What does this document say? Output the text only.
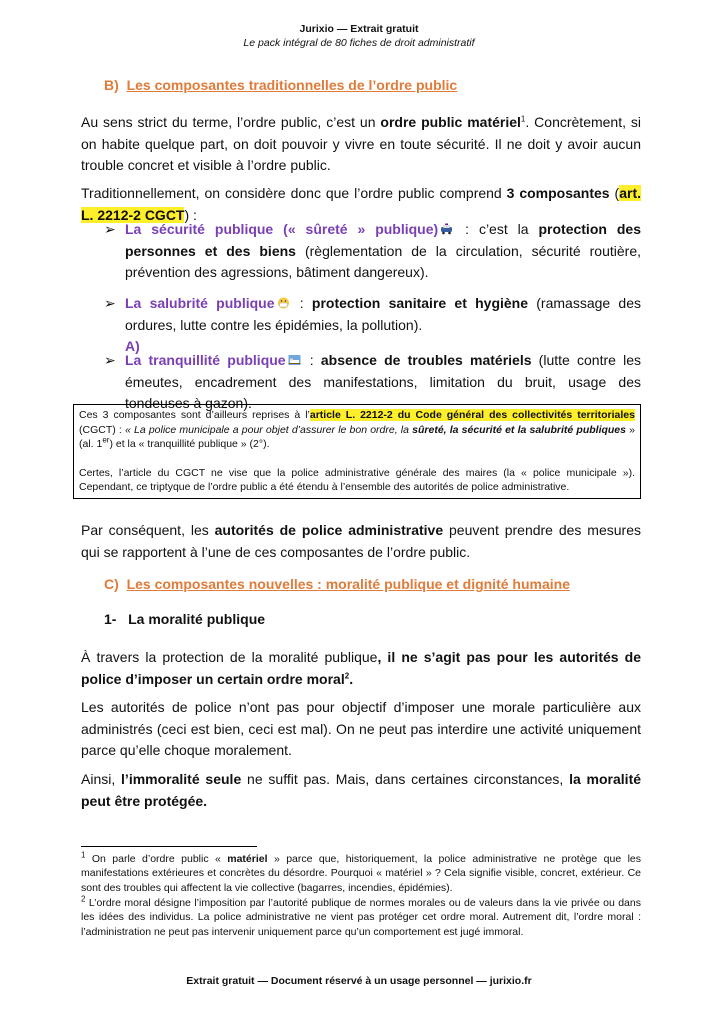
Jurixio — Extrait gratuit
Le pack intégral de 80 fiches de droit administratif
B) Les composantes traditionnelles de l’ordre public

Au sens strict du terme, l’ordre public, c’est un ordre public matériel$^1$. Concrètement, si on habite quelque part, on doit pouvoir y vivre en toute sécurité. Il ne doit y avoir aucun trouble concret et visible à l’ordre public.

Traditionnellement, on considère donc que l’ordre public comprend 3 composantes (art. L. 2212-2 CGCT) :

➢ La sécurité publique (« sûreté » publique) : c’est la protection des personnes et des biens (règlementation de la circulation, sécurité routière, prévention des agressions, bâtiment dangereux).
➢ La salubrité publique : protection sanitaire et hygiène (ramassage des ordures, lutte contre les épidémies, la pollution).
A)
➢ La tranquillité publique : absence de troubles matériels (lutte contre les émeutes, encadrement des manifestations, limitation du bruit, usage des tondeuses à gazon).

Ces 3 composantes sont d’ailleurs reprises à l’article L. 2212-2 du Code général des collectivités territoriales (CGCT) : « La police municipale a pour objet d’assurer le bon ordre, la sûreté, la sécurité et la salubrité publiques » (al. 1er) et la « tranquillité publique » (2°).

Certes, l’article du CGCT ne vise que la police administrative générale des maires (la « police municipale »). Cependant, ce triptyque de l’ordre public a été étendu à l’ensemble des autorités de police administrative.

Par conséquent, les autorités de police administrative peuvent prendre des mesures qui se rapportent à l’une de ces composantes de l’ordre public.

C) Les composantes nouvelles : moralité publique et dignité humaine
1- La moralité publique

À travers la protection de la moralité publique, il ne s’agit pas pour les autorités de police d’imposer un certain ordre moral$^2$.

Les autorités de police n’ont pas pour objectif d’imposer une morale particulière aux administrés (ceci est bien, ceci est mal). On ne peut pas interdire une activité uniquement parce qu’elle choque moralement.

Ainsi, l’immoralité seule ne suffit pas. Mais, dans certaines circonstances, la moralité peut être protégée.

$^1$ On parle d’ordre public « matériel » parce que, historiquement, la police administrative ne protège que les manifestations extérieures et concrètes du désordre. Pourquoi « matériel » ? Cela signifie visible, concret, extérieur. Ce sont des troubles qui affectent la vie collective (bagarres, incendies, épidémies).

$^2$ L’ordre moral désigne l’imposition par l’autorité publique de normes morales ou de valeurs dans la vie privée ou dans les idées des individus. La police administrative ne vient pas protéger cet ordre moral. Autrement dit, l’ordre moral : l’administration ne peut pas intervenir uniquement parce qu’un comportement est jugé immoral.

Extrait gratuit — Document réservé à un usage personnel — jurixio.fr
